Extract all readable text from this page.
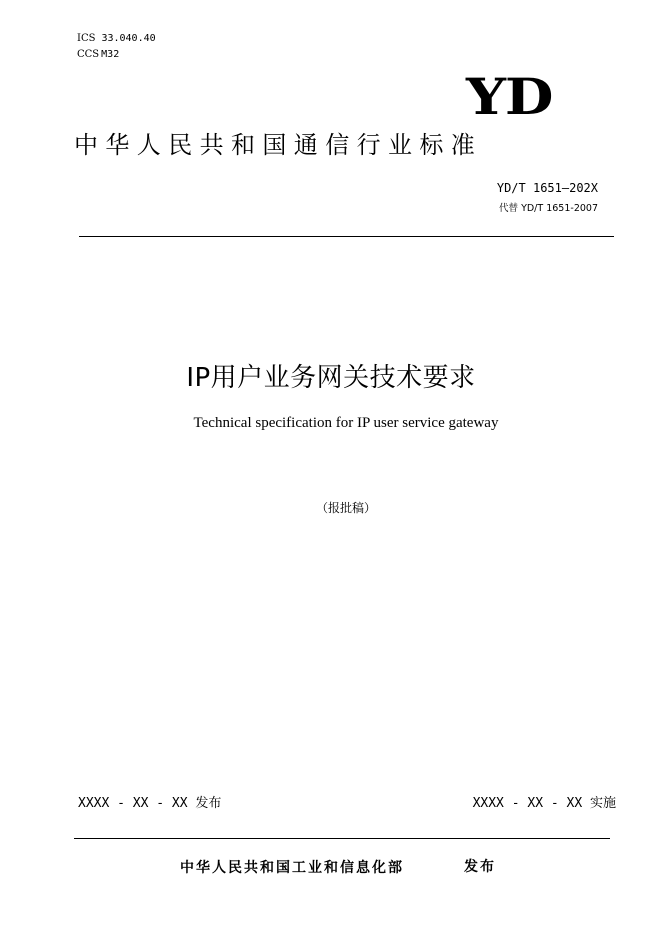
ICS 33.040.40
CCS M32
YD
中华人民共和国通信行业标准
YD/T 1651—202X
代替 YD/T 1651-2007
IP用户业务网关技术要求
Technical specification for IP user service gateway
（报批稿）
XXXX - XX - XX 发布	XXXX - XX - XX 实施
中华人民共和国工业和信息化部	发布
